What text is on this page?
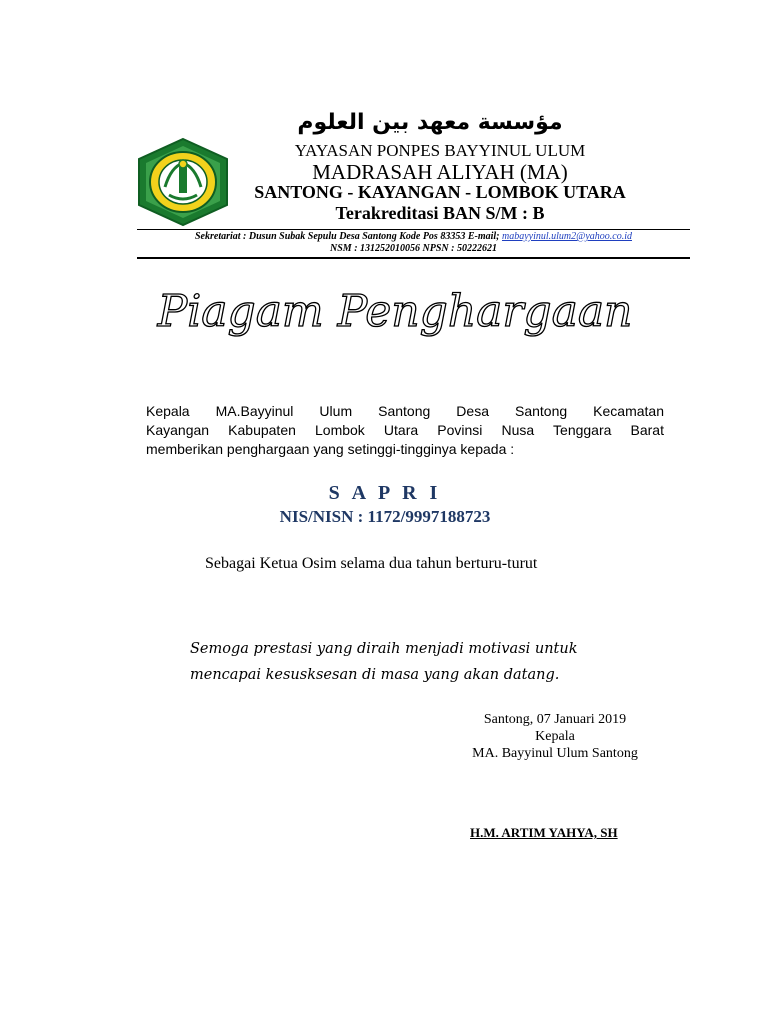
مؤسسة معهد بين العلوم
YAYASAN PONPES BAYYINUL ULUM
MADRASAH ALIYAH (MA)
SANTONG - KAYANGAN - LOMBOK UTARA
Terakreditasi BAN S/M : B
Sekretariat : Dusun Subak Sepulu Desa Santong Kode Pos 83353 E-mail; mabayyinul.ulum2@yahoo.co.id
NSM : 131252010056 NPSN : 50222621
Piagam Penghargaan
Kepala MA.Bayyinul Ulum Santong Desa Santong Kecamatan
Kayangan Kabupaten Lombok Utara Povinsi Nusa Tenggara Barat
memberikan penghargaan yang setinggi-tingginya kepada :
S A P R I
NIS/NISN : 1172/9997188723
Sebagai Ketua Osim selama dua tahun berturu-turut
Semoga prestasi yang diraih menjadi motivasi untuk
mencapai kesusksesan di masa yang akan datang.
Santong, 07 Januari 2019
Kepala
MA. Bayyinul Ulum Santong
H.M. ARTIM YAHYA, SH
